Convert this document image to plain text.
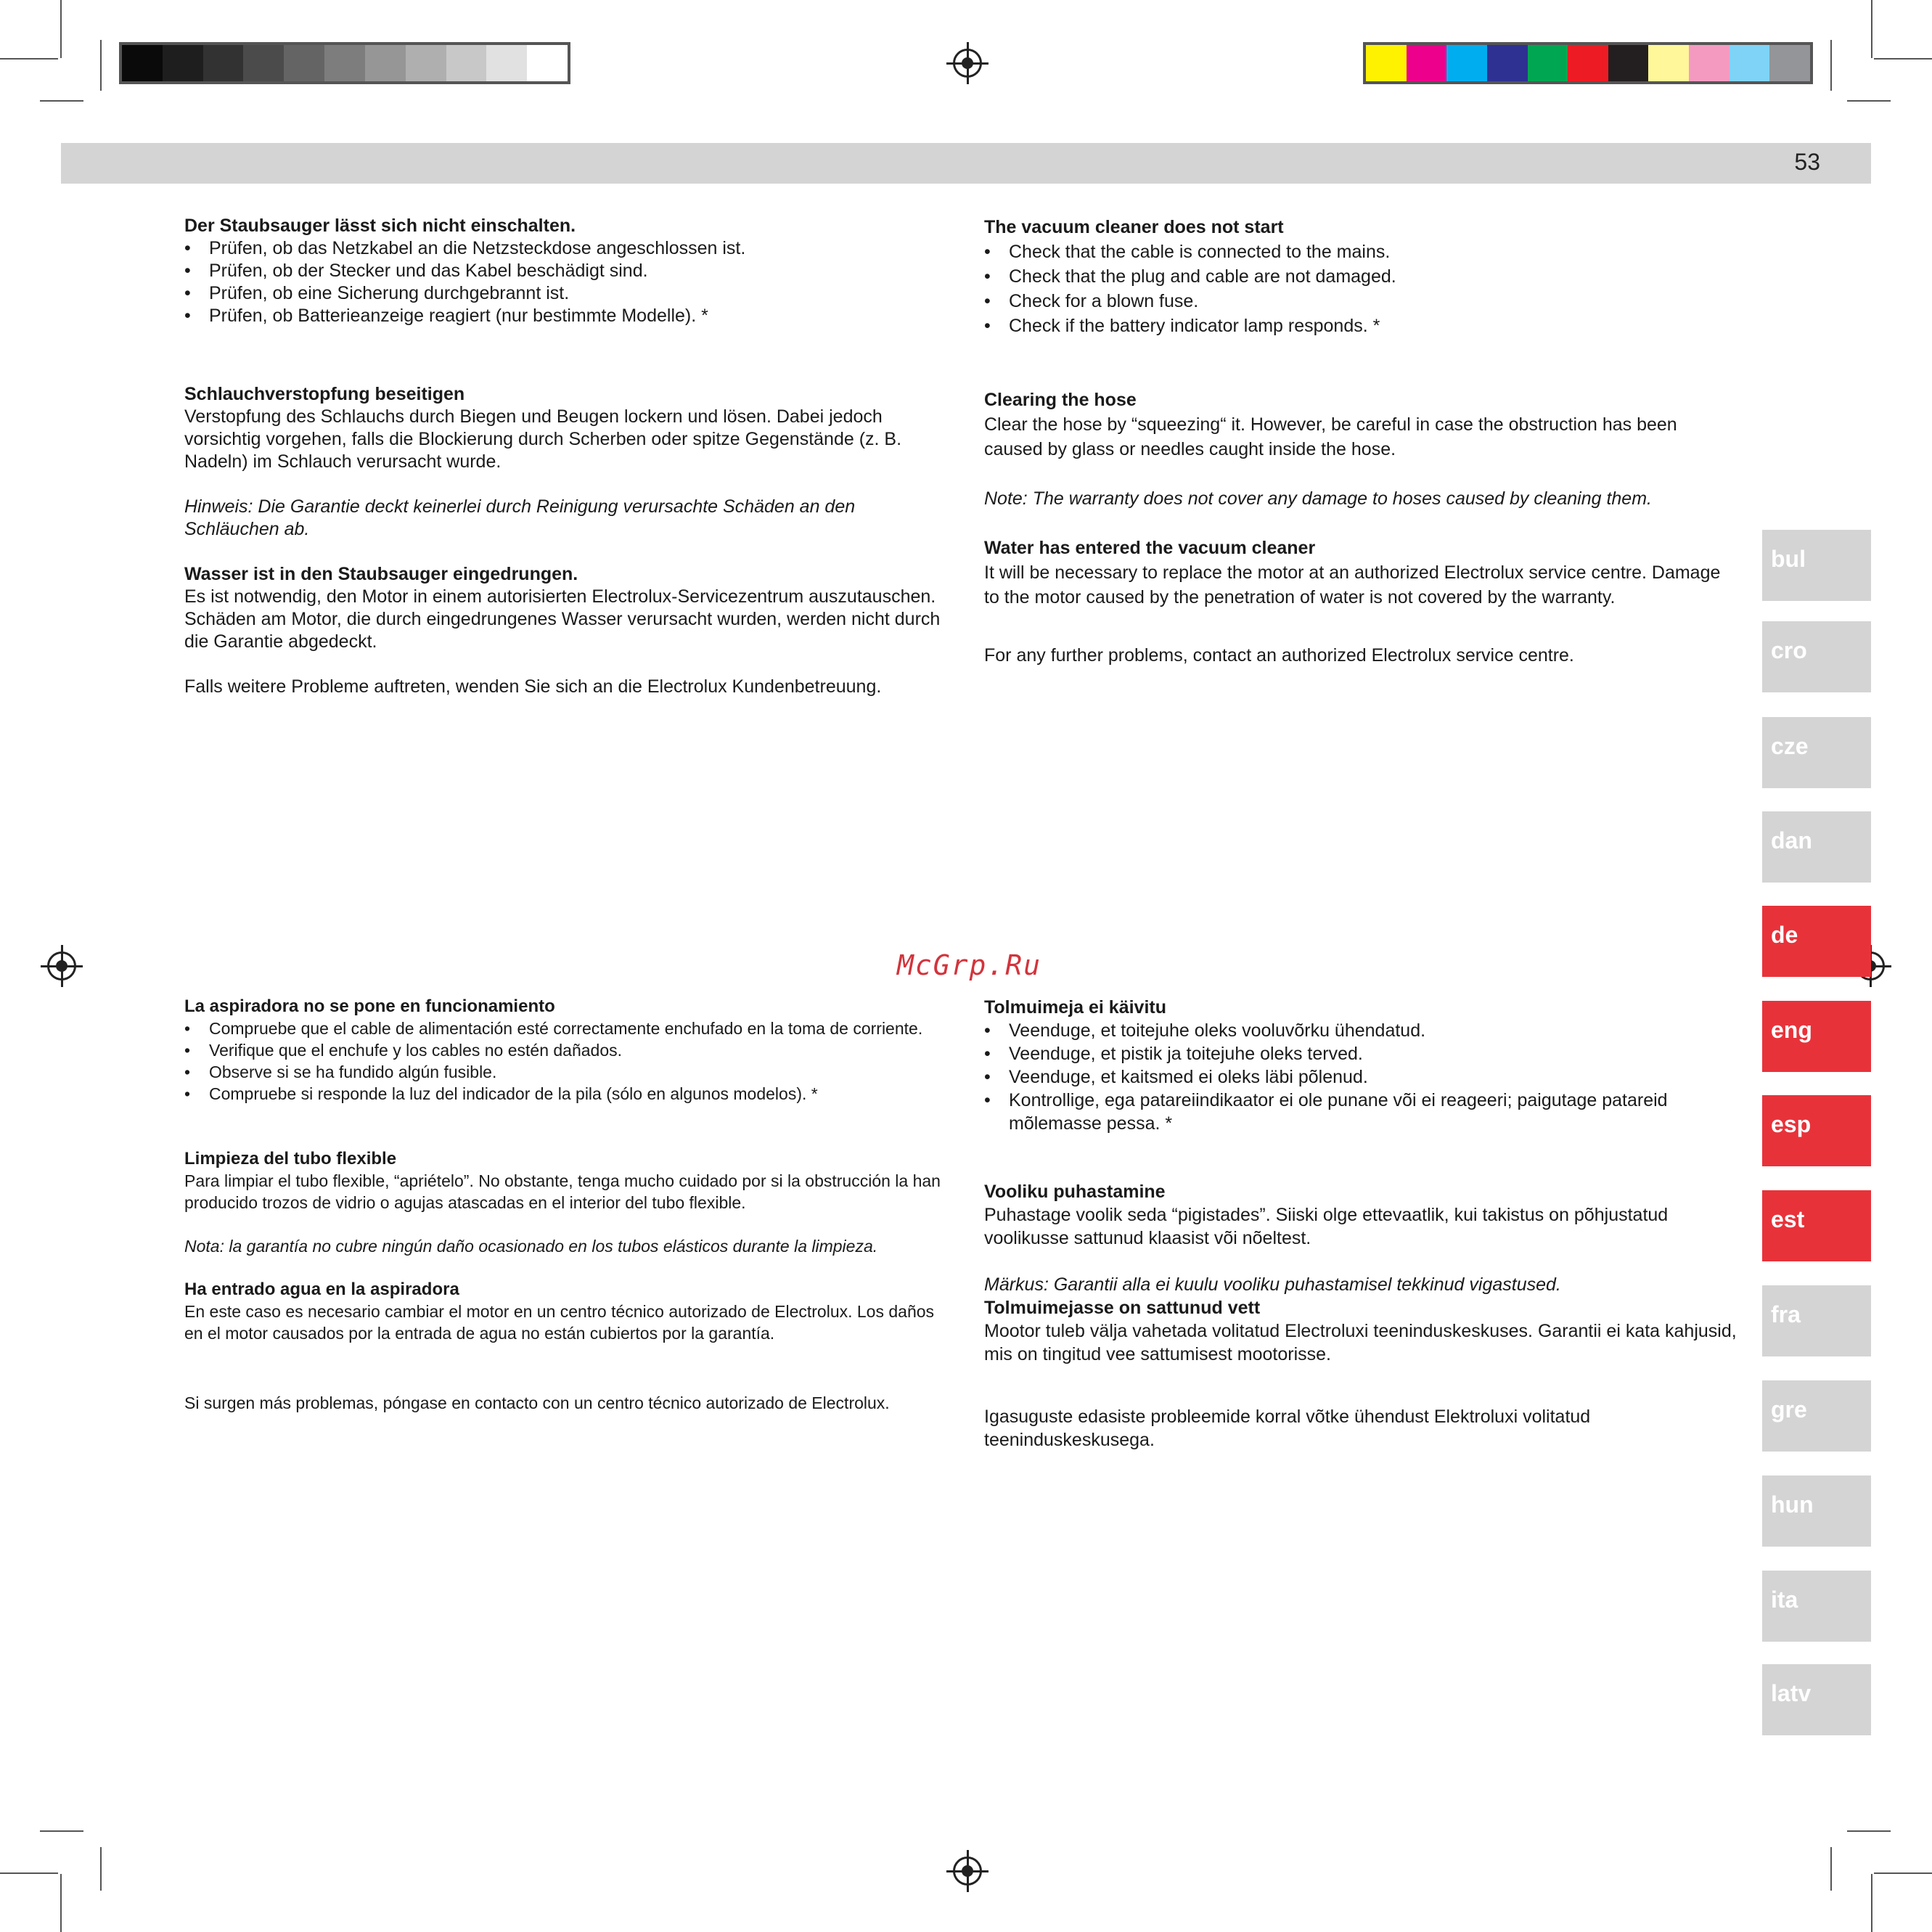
53
Der Staubsauger lässt sich nicht einschalten.
• Prüfen, ob das Netzkabel an die Netzsteckdose angeschlossen ist.
• Prüfen, ob der Stecker und das Kabel beschädigt sind.
• Prüfen, ob eine Sicherung durchgebrannt ist.
• Prüfen, ob Batterieanzeige reagiert (nur bestimmte Modelle). *
Schlauchverstopfung beseitigen

Verstopfung des Schlauchs durch Biegen und Beugen lockern und lösen. Dabei jedoch vorsichtig vorgehen, falls die Blockierung durch Scherben oder spitze Gegenstände (z. B. Nadeln) im Schlauch verursacht wurde.

Hinweis: Die Garantie deckt keinerlei durch Reinigung verursachte Schäden an den Schläuchen ab.

Wasser ist in den Staubsauger eingedrungen.

Es ist notwendig, den Motor in einem autorisierten Electrolux-Servicezentrum auszutauschen. Schäden am Motor, die durch eingedrungenes Wasser verursacht wurden, werden nicht durch die Garantie abgedeckt.

Falls weitere Probleme auftreten, wenden Sie sich an die Electrolux Kundenbetreuung.

The vacuum cleaner does not start
• Check that the cable is connected to the mains.
• Check that the plug and cable are not damaged.
• Check for a blown fuse.
• Check if the battery indicator lamp responds. *
Clearing the hose

Clear the hose by “squeezing“ it. However, be careful in case the obstruction has been caused by glass or needles caught inside the hose.

Note: The warranty does not cover any damage to hoses caused by cleaning them.

Water has entered the vacuum cleaner

It will be necessary to replace the motor at an authorized Electrolux service centre. Damage to the motor caused by the penetration of water is not covered by the warranty.

For any further problems, contact an authorized Electrolux service centre.

McGrp.Ru
La aspiradora no se pone en funcionamiento
• Compruebe que el cable de alimentación esté correctamente enchufado en la toma de corriente.
• Verifique que el enchufe y los cables no estén dañados.
• Observe si se ha fundido algún fusible.
• Compruebe si responde la luz del indicador de la pila (sólo en algunos modelos). *
Limpieza del tubo flexible

Para limpiar el tubo flexible, “apriételo”. No obstante, tenga mucho cuidado por si la obstrucción la han producido trozos de vidrio o agujas atascadas en el interior del tubo flexible.

Nota: la garantía no cubre ningún daño ocasionado en los tubos elásticos durante la limpieza.

Ha entrado agua en la aspiradora

En este caso es necesario cambiar el motor en un centro técnico autorizado de Electrolux. Los daños en el motor causados por la entrada de agua no están cubiertos por la garantía.

Si surgen más problemas, póngase en contacto con un centro técnico autorizado de Electrolux.

Tolmuimeja ei käivitu
• Veenduge, et toitejuhe oleks vooluvõrku ühendatud.
• Veenduge, et pistik ja toitejuhe oleks terved.
• Veenduge, et kaitsmed ei oleks läbi põlenud.
• Kontrollige, ega patareiindikaator ei ole punane või ei reageeri; paigutage patareid mõlemasse pessa. *
Vooliku puhastamine

Puhastage voolik seda “pigistades”. Siiski olge ettevaatlik, kui takistus on põhjustatud voolikusse sattunud klaasist või nõeltest.

Märkus: Garantii alla ei kuulu vooliku puhastamisel tekkinud vigastused.

Tolmuimejasse on sattunud vett

Mootor tuleb välja vahetada volitatud Electroluxi teeninduskeskuses. Garantii ei kata kahjusid, mis on tingitud vee sattumisest mootorisse.

Igasuguste edasiste probleemide korral võtke ühendust Elektroluxi volitatud teeninduskeskusega.

bul
cro
cze
dan
de
eng
esp
est
fra
gre
hun
ita
latv
